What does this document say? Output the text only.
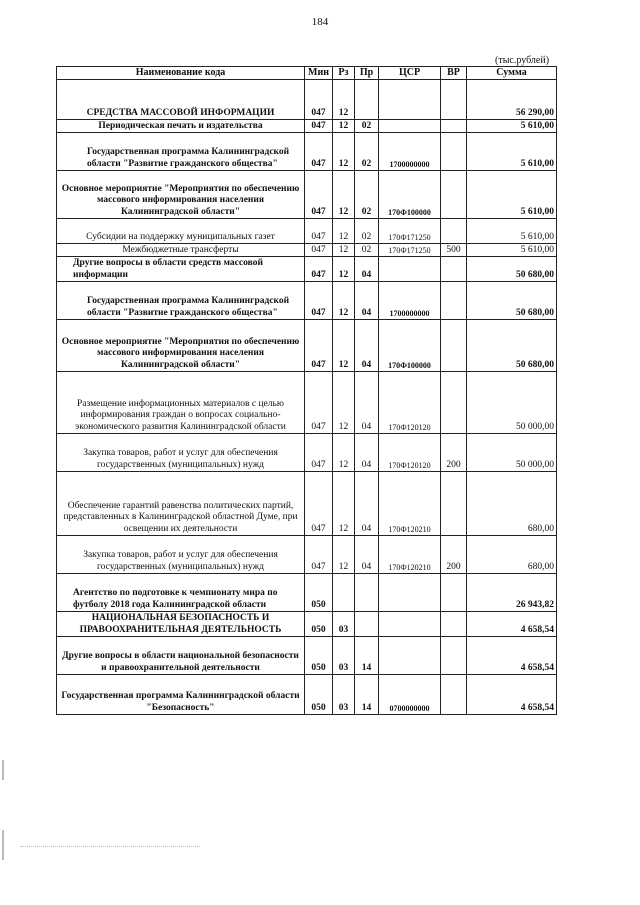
184
(тыс.рублей)
Наименование кода	Мин	Рз	Пр	ЦСР	ВР	Сумма
СРЕДСТВА МАССОВОЙ ИНФОРМАЦИИ	047	12				56 290,00
Периодическая печать и издательства	047	12	02			5 610,00
Государственная программа Калининградской области "Развитие гражданского общества"	047	12	02	1700000000		5 610,00
Основное мероприятие "Мероприятия по обеспечению массового информирования населения Калининградской области"	047	12	02	170Ф100000		5 610,00
Субсидии на поддержку муниципальных газет	047	12	02	170Ф171250		5 610,00
Межбюджетные трансферты	047	12	02	170Ф171250	500	5 610,00
Другие вопросы в области средств массовой информации	047	12	04			50 680,00
Государственная программа Калининградской области "Развитие гражданского общества"	047	12	04	1700000000		50 680,00
Основное мероприятие "Мероприятия по обеспечению массового информирования населения Калининградской области"	047	12	04	170Ф100000		50 680,00
Размещение информационных материалов с целью информирования граждан о вопросах социально-экономического развития Калининградской области	047	12	04	170Ф120120		50 000,00
Закупка товаров, работ и услуг для обеспечения государственных (муниципальных) нужд	047	12	04	170Ф120120	200	50 000,00
Обеспечение гарантий равенства политических партий, представленных в Калининградской областной Думе, при освещении их деятельности	047	12	04	170Ф120210		680,00
Закупка товаров, работ и услуг для обеспечения государственных (муниципальных) нужд	047	12	04	170Ф120210	200	680,00
Агентство по подготовке к чемпионату мира по футболу 2018 года Калининградской области	050					26 943,82
НАЦИОНАЛЬНАЯ БЕЗОПАСНОСТЬ И ПРАВООХРАНИТЕЛЬНАЯ ДЕЯТЕЛЬНОСТЬ	050	03				4 658,54
Другие вопросы в области национальной безопасности и правоохранительной деятельности	050	03	14			4 658,54
Государственная программа Калининградской области "Безопасность"	050	03	14	0700000000		4 658,54
